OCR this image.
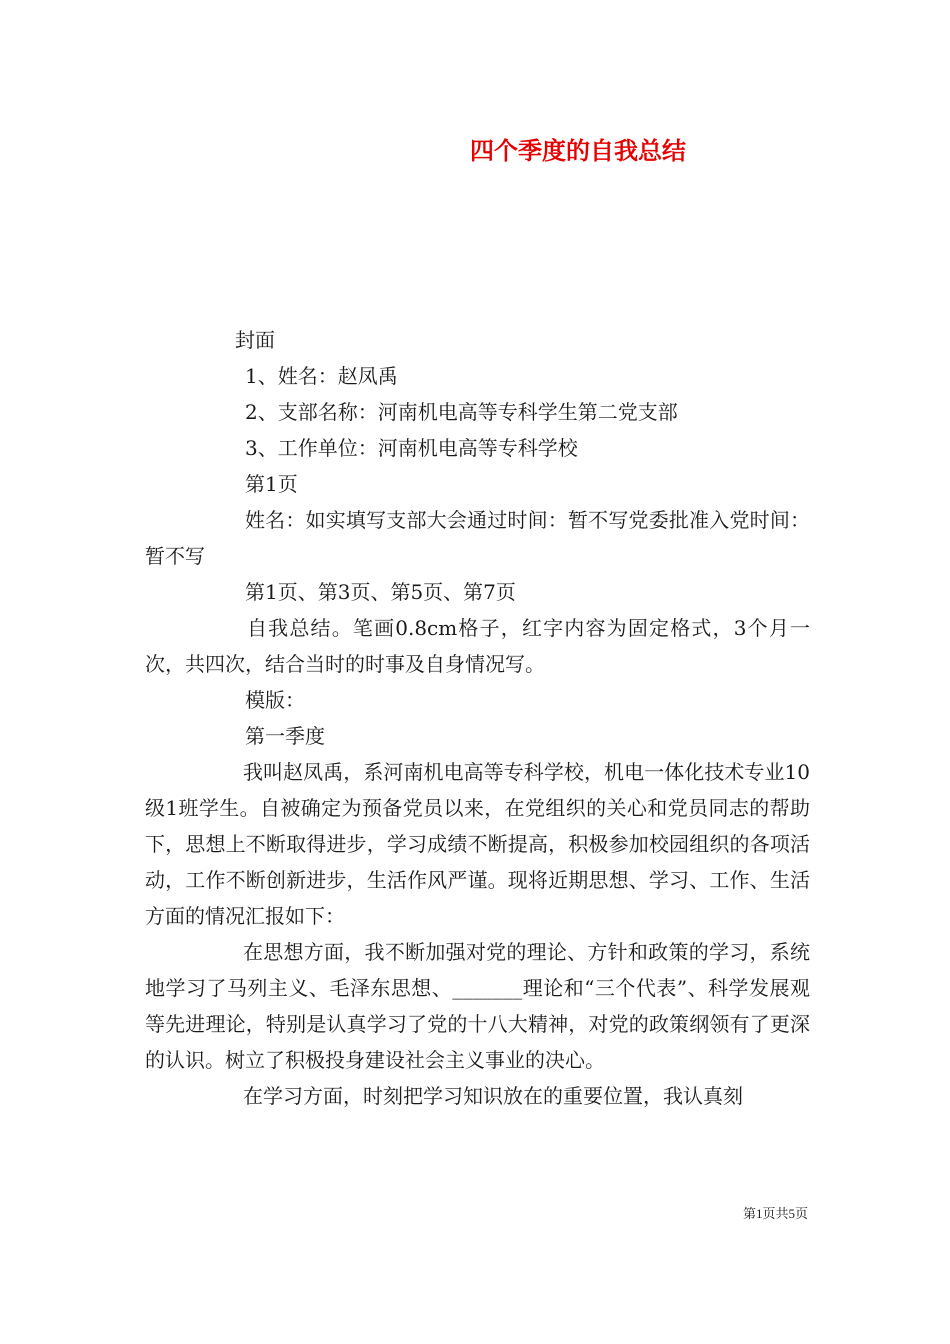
四个季度的自我总结

封面

1、姓名：赵凤禹

2、支部名称：河南机电高等专科学生第二党支部

3、工作单位：河南机电高等专科学校

第1页

姓名：如实填写支部大会通过时间：暂不写党委批准入党时间：暂不写

第1页、第3页、第5页、第7页

自我总结。笔画0.8cm格子，红字内容为固定格式，3个月一次，共四次，结合当时的时事及自身情况写。

模版：

第一季度

我叫赵凤禹，系河南机电高等专科学校，机电一体化技术专业10级1班学生。自被确定为预备党员以来，在党组织的关心和党员同志的帮助下，思想上不断取得进步，学习成绩不断提高，积极参加校园组织的各项活动，工作不断创新进步，生活作风严谨。现将近期思想、学习、工作、生活方面的情况汇报如下：

在思想方面，我不断加强对党的理论、方针和政策的学习，系统地学习了马列主义、毛泽东思想、_______理论和“三个代表”、科学发展观等先进理论，特别是认真学习了党的十八大精神，对党的政策纲领有了更深的认识。树立了积极投身建设社会主义事业的决心。

在学习方面，时刻把学习知识放在的重要位置，我认真刻

第1页共5页
